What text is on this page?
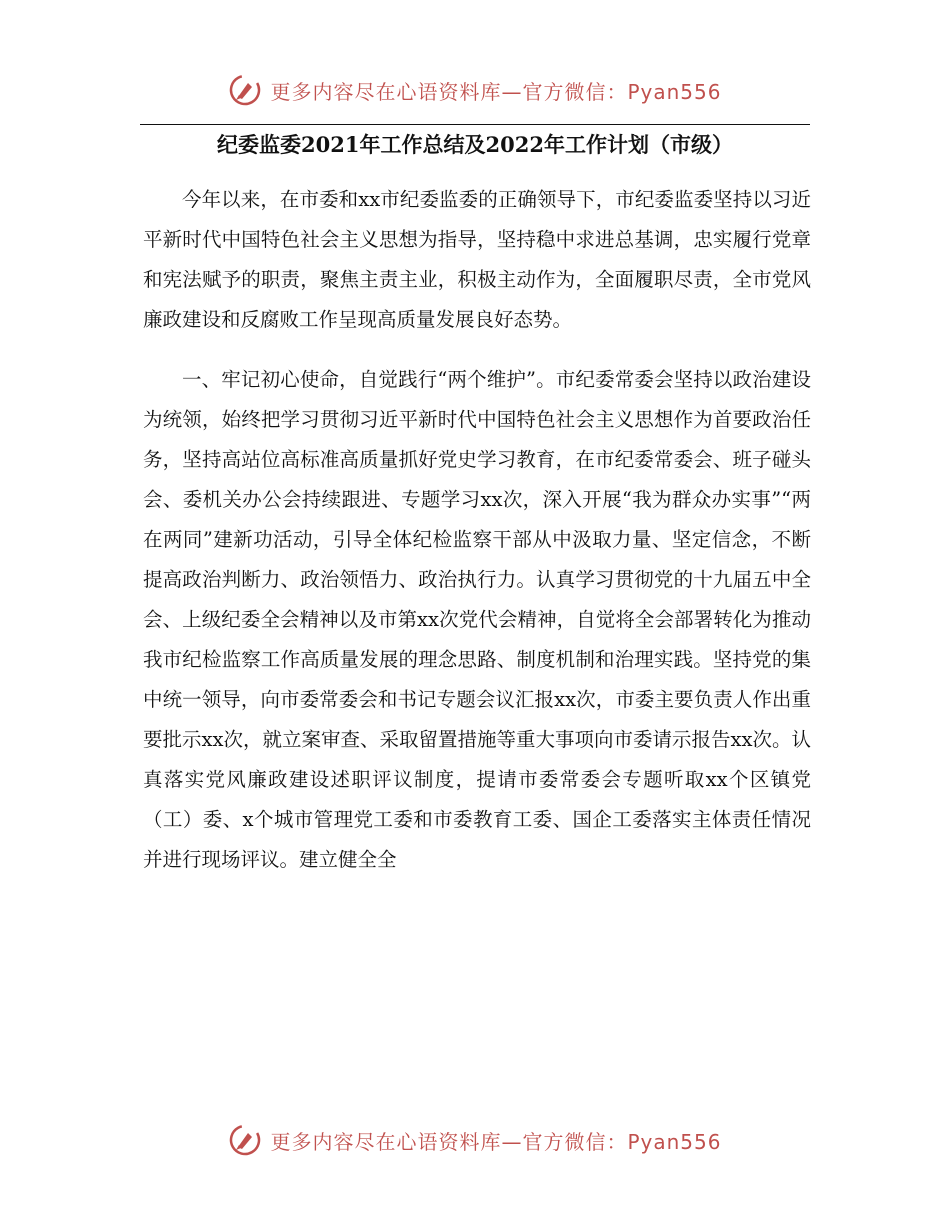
更多内容尽在心语资料库—官方微信：Pyan556
纪委监委2021年工作总结及2022年工作计划（市级）

今年以来，在市委和xx市纪委监委的正确领导下，市纪委监委坚持以习近平新时代中国特色社会主义思想为指导，坚持稳中求进总基调，忠实履行党章和宪法赋予的职责，聚焦主责主业，积极主动作为，全面履职尽责，全市党风廉政建设和反腐败工作呈现高质量发展良好态势。

一、牢记初心使命，自觉践行“两个维护”。市纪委常委会坚持以政治建设为统领，始终把学习贯彻习近平新时代中国特色社会主义思想作为首要政治任务，坚持高站位高标准高质量抓好党史学习教育，在市纪委常委会、班子碰头会、委机关办公会持续跟进、专题学习xx次，深入开展“我为群众办实事”“两在两同”建新功活动，引导全体纪检监察干部从中汲取力量、坚定信念，不断提高政治判断力、政治领悟力、政治执行力。认真学习贯彻党的十九届五中全会、上级纪委全会精神以及市第xx次党代会精神，自觉将全会部署转化为推动我市纪检监察工作高质量发展的理念思路、制度机制和治理实践。坚持党的集中统一领导，向市委常委会和书记专题会议汇报xx次，市委主要负责人作出重要批示xx次，就立案审查、采取留置措施等重大事项向市委请示报告xx次。认真落实党风廉政建设述职评议制度，提请市委常委会专题听取xx个区镇党（工）委、x个城市管理党工委和市委教育工委、国企工委落实主体责任情况并进行现场评议。建立健全全

更多内容尽在心语资料库—官方微信：Pyan556
